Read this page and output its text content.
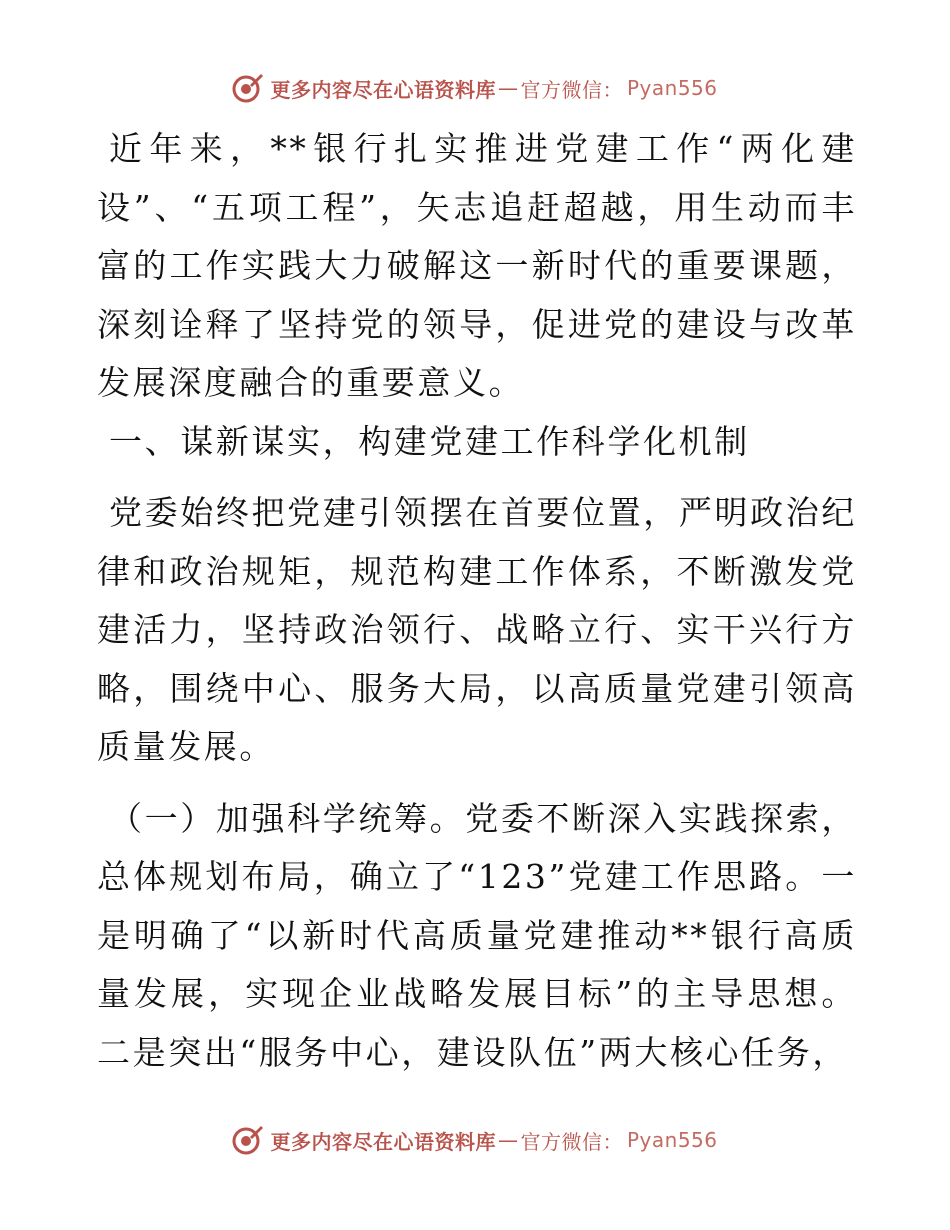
更多内容尽在心语资料库 — 官方微信： Pyan556

近年来，**银行扎实推进党建工作“两化建设”、“五项工程”，矢志追赶超越，用生动而丰富的工作实践大力破解这一新时代的重要课题，深刻诠释了坚持党的领导，促进党的建设与改革发展深度融合的重要意义。

一、谋新谋实，构建党建工作科学化机制

党委始终把党建引领摆在首要位置，严明政治纪律和政治规矩，规范构建工作体系，不断激发党建活力，坚持政治领行、战略立行、实干兴行方略，围绕中心、服务大局，以高质量党建引领高质量发展。

（一）加强科学统筹。党委不断深入实践探索，总体规划布局，确立了“123”党建工作思路。一是明确了“以新时代高质量党建推动**银行高质量发展，实现企业战略发展目标”的主导思想。二是突出“服务中心，建设队伍”两大核心任务，

更多内容尽在心语资料库 — 官方微信： Pyan556
